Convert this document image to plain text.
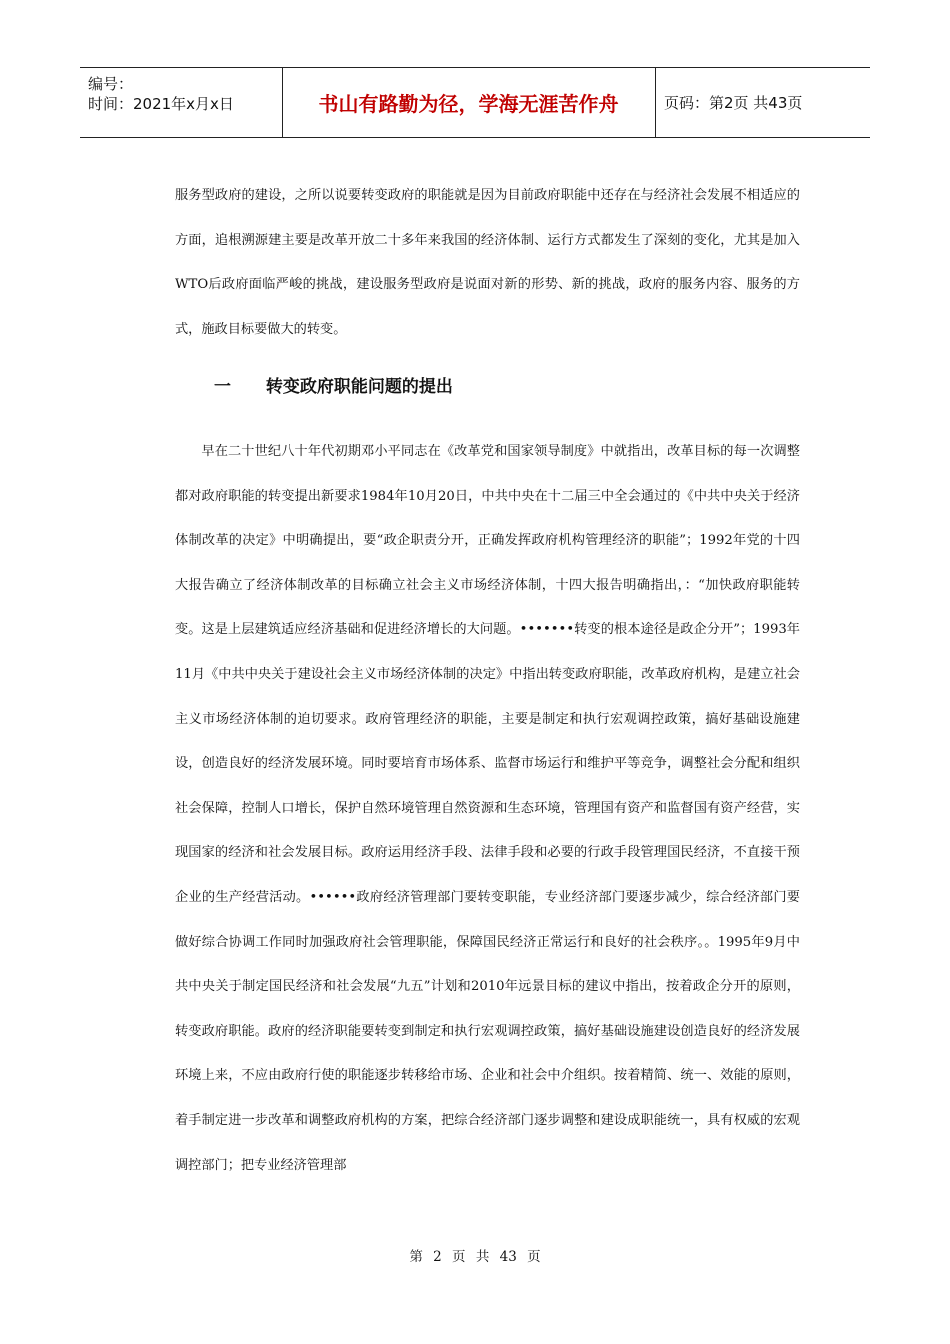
编号：
时间：2021年x月x日	书山有路勤为径，学海无涯苦作舟	页码：第2页 共43页

服务型政府的建设，之所以说要转变政府的职能就是因为目前政府职能中还存在与经济社会发展不相适应的方面，追根溯源建主要是改革开放二十多年来我国的经济体制、运行方式都发生了深刻的变化，尤其是加入WTO后政府面临严峻的挑战，建设服务型政府是说面对新的形势、新的挑战，政府的服务内容、服务的方式，施政目标要做大的转变。

一 转变政府职能问题的提出

早在二十世纪八十年代初期邓小平同志在《改革党和国家领导制度》中就指出，改革目标的每一次调整都对政府职能的转变提出新要求1984年10月20日，中共中央在十二届三中全会通过的《中共中央关于经济体制改革的决定》中明确提出，要“政企职责分开，正确发挥政府机构管理经济的职能”；1992年党的十四大报告确立了经济体制改革的目标确立社会主义市场经济体制，十四大报告明确指出，：“加快政府职能转变。这是上层建筑适应经济基础和促进经济增长的大问题。•••••••转变的根本途径是政企分开”；1993年11月《中共中央关于建设社会主义市场经济体制的决定》中指出转变政府职能，改革政府机构，是建立社会主义市场经济体制的迫切要求。政府管理经济的职能，主要是制定和执行宏观调控政策，搞好基础设施建设，创造良好的经济发展环境。同时要培育市场体系、监督市场运行和维护平等竞争，调整社会分配和组织社会保障，控制人口增长，保护自然环境管理自然资源和生态环境，管理国有资产和监督国有资产经营，实现国家的经济和社会发展目标。政府运用经济手段、法律手段和必要的行政手段管理国民经济，不直接干预企业的生产经营活动。••••••政府经济管理部门要转变职能，专业经济部门要逐步减少，综合经济部门要做好综合协调工作同时加强政府社会管理职能，保障国民经济正常运行和良好的社会秩序。。1995年9月中共中央关于制定国民经济和社会发展“九五”计划和2010年远景目标的建议中指出，按着政企分开的原则，转变政府职能。政府的经济职能要转变到制定和执行宏观调控政策，搞好基础设施建设创造良好的经济发展环境上来，不应由政府行使的职能逐步转移给市场、企业和社会中介组织。按着精简、统一、效能的原则，着手制定进一步改革和调整政府机构的方案，把综合经济部门逐步调整和建设成职能统一，具有权威的宏观调控部门；把专业经济管理部

第 2 页 共 43 页
